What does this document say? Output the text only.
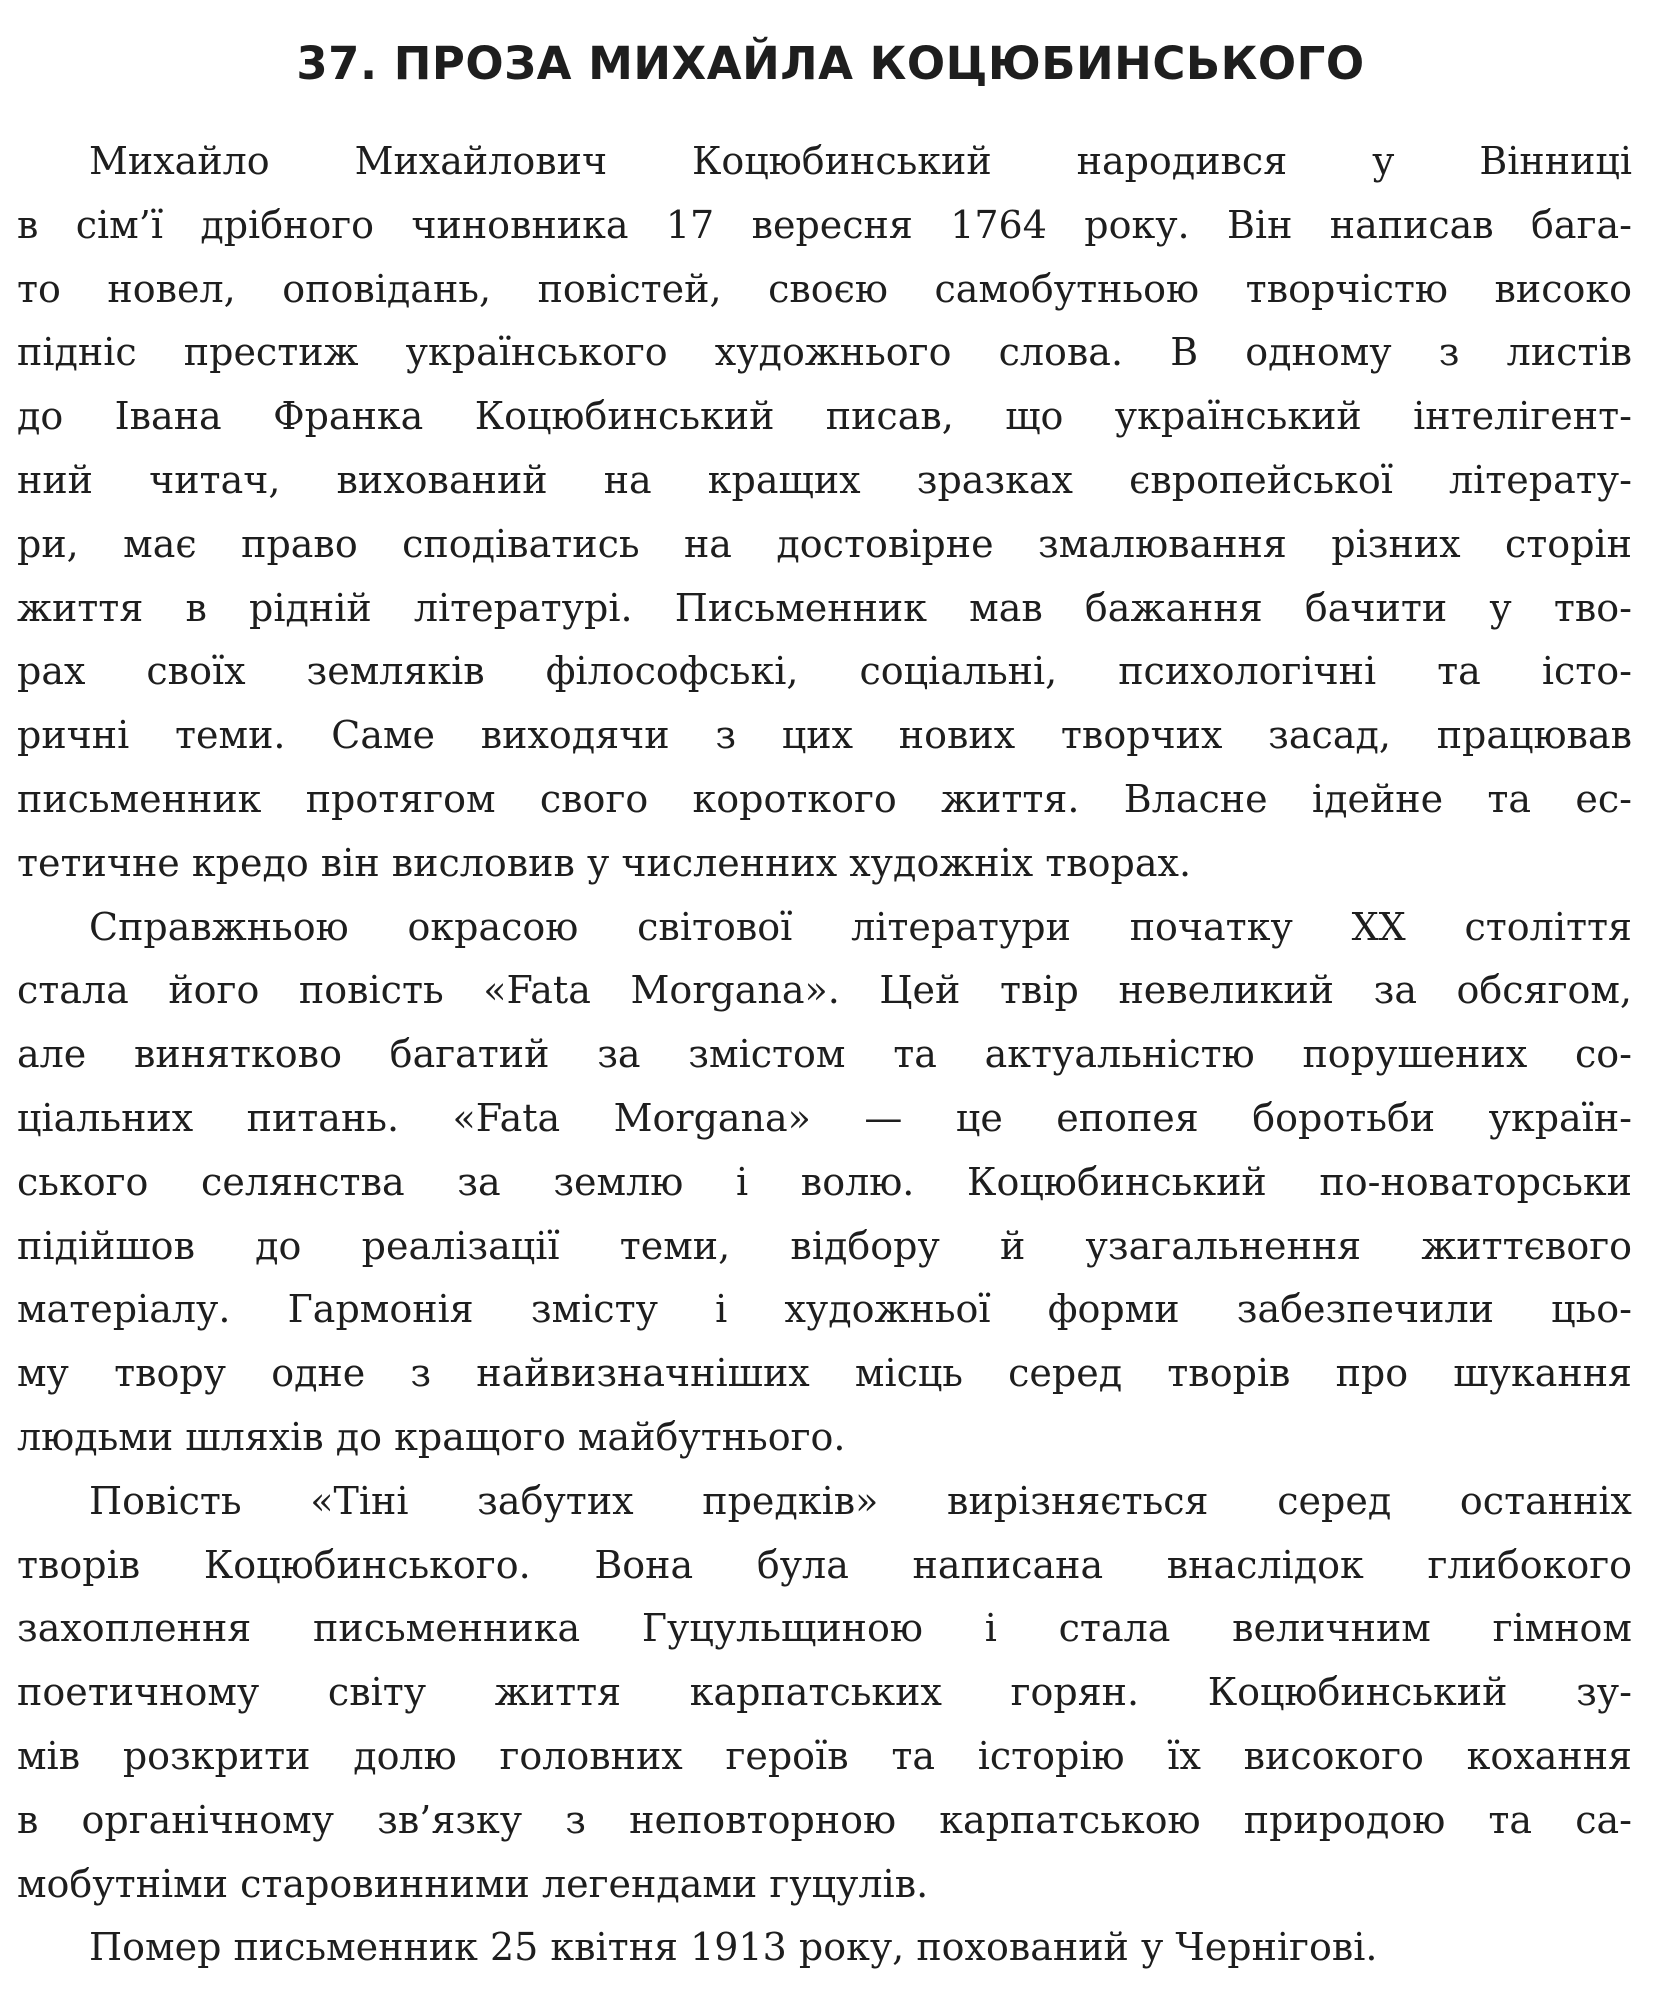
37. ПРОЗА МИХАЙЛА КОЦЮБИНСЬКОГО
Михайло Михайлович Коцюбинський народився у Вінниці
в сім’ї дрібного чиновника 17 вересня 1764 року. Він написав бага-
то новел, оповідань, повістей, своєю самобутньою творчістю високо
підніс престиж українського художнього слова. В одному з листів
до Івана Франка Коцюбинський писав, що український інтелігент-
ний читач, вихований на кращих зразках європейської літерату-
ри, має право сподіватись на достовірне змалювання різних сторін
життя в рідній літературі. Письменник мав бажання бачити у тво-
рах своїх земляків філософські, соціальні, психологічні та істо-
ричні теми. Саме виходячи з цих нових творчих засад, працював
письменник протягом свого короткого життя. Власне ідейне та ес-
тетичне кредо він висловив у численних художніх творах.
Справжньою окрасою світової літератури початку XX століття
стала його повість «Fata Morgana». Цей твір невеликий за обсягом,
але винятково багатий за змістом та актуальністю порушених со-
ціальних питань. «Fata Morgana» — це епопея боротьби україн-
ського селянства за землю і волю. Коцюбинський по-новаторськи
підійшов до реалізації теми, відбору й узагальнення життєвого
матеріалу. Гармонія змісту і художньої форми забезпечили цьо-
му твору одне з найвизначніших місць серед творів про шукання
людьми шляхів до кращого майбутнього.
Повість «Тіні забутих предків» вирізняється серед останніх
творів Коцюбинського. Вона була написана внаслідок глибокого
захоплення письменника Гуцульщиною і стала величним гімном
поетичному світу життя карпатських горян. Коцюбинський зу-
мів розкрити долю головних героїв та історію їх високого кохання
в органічному зв’язку з неповторною карпатською природою та са-
мобутніми старовинними легендами гуцулів.
Помер письменник 25 квітня 1913 року, похований у Чернігові.
